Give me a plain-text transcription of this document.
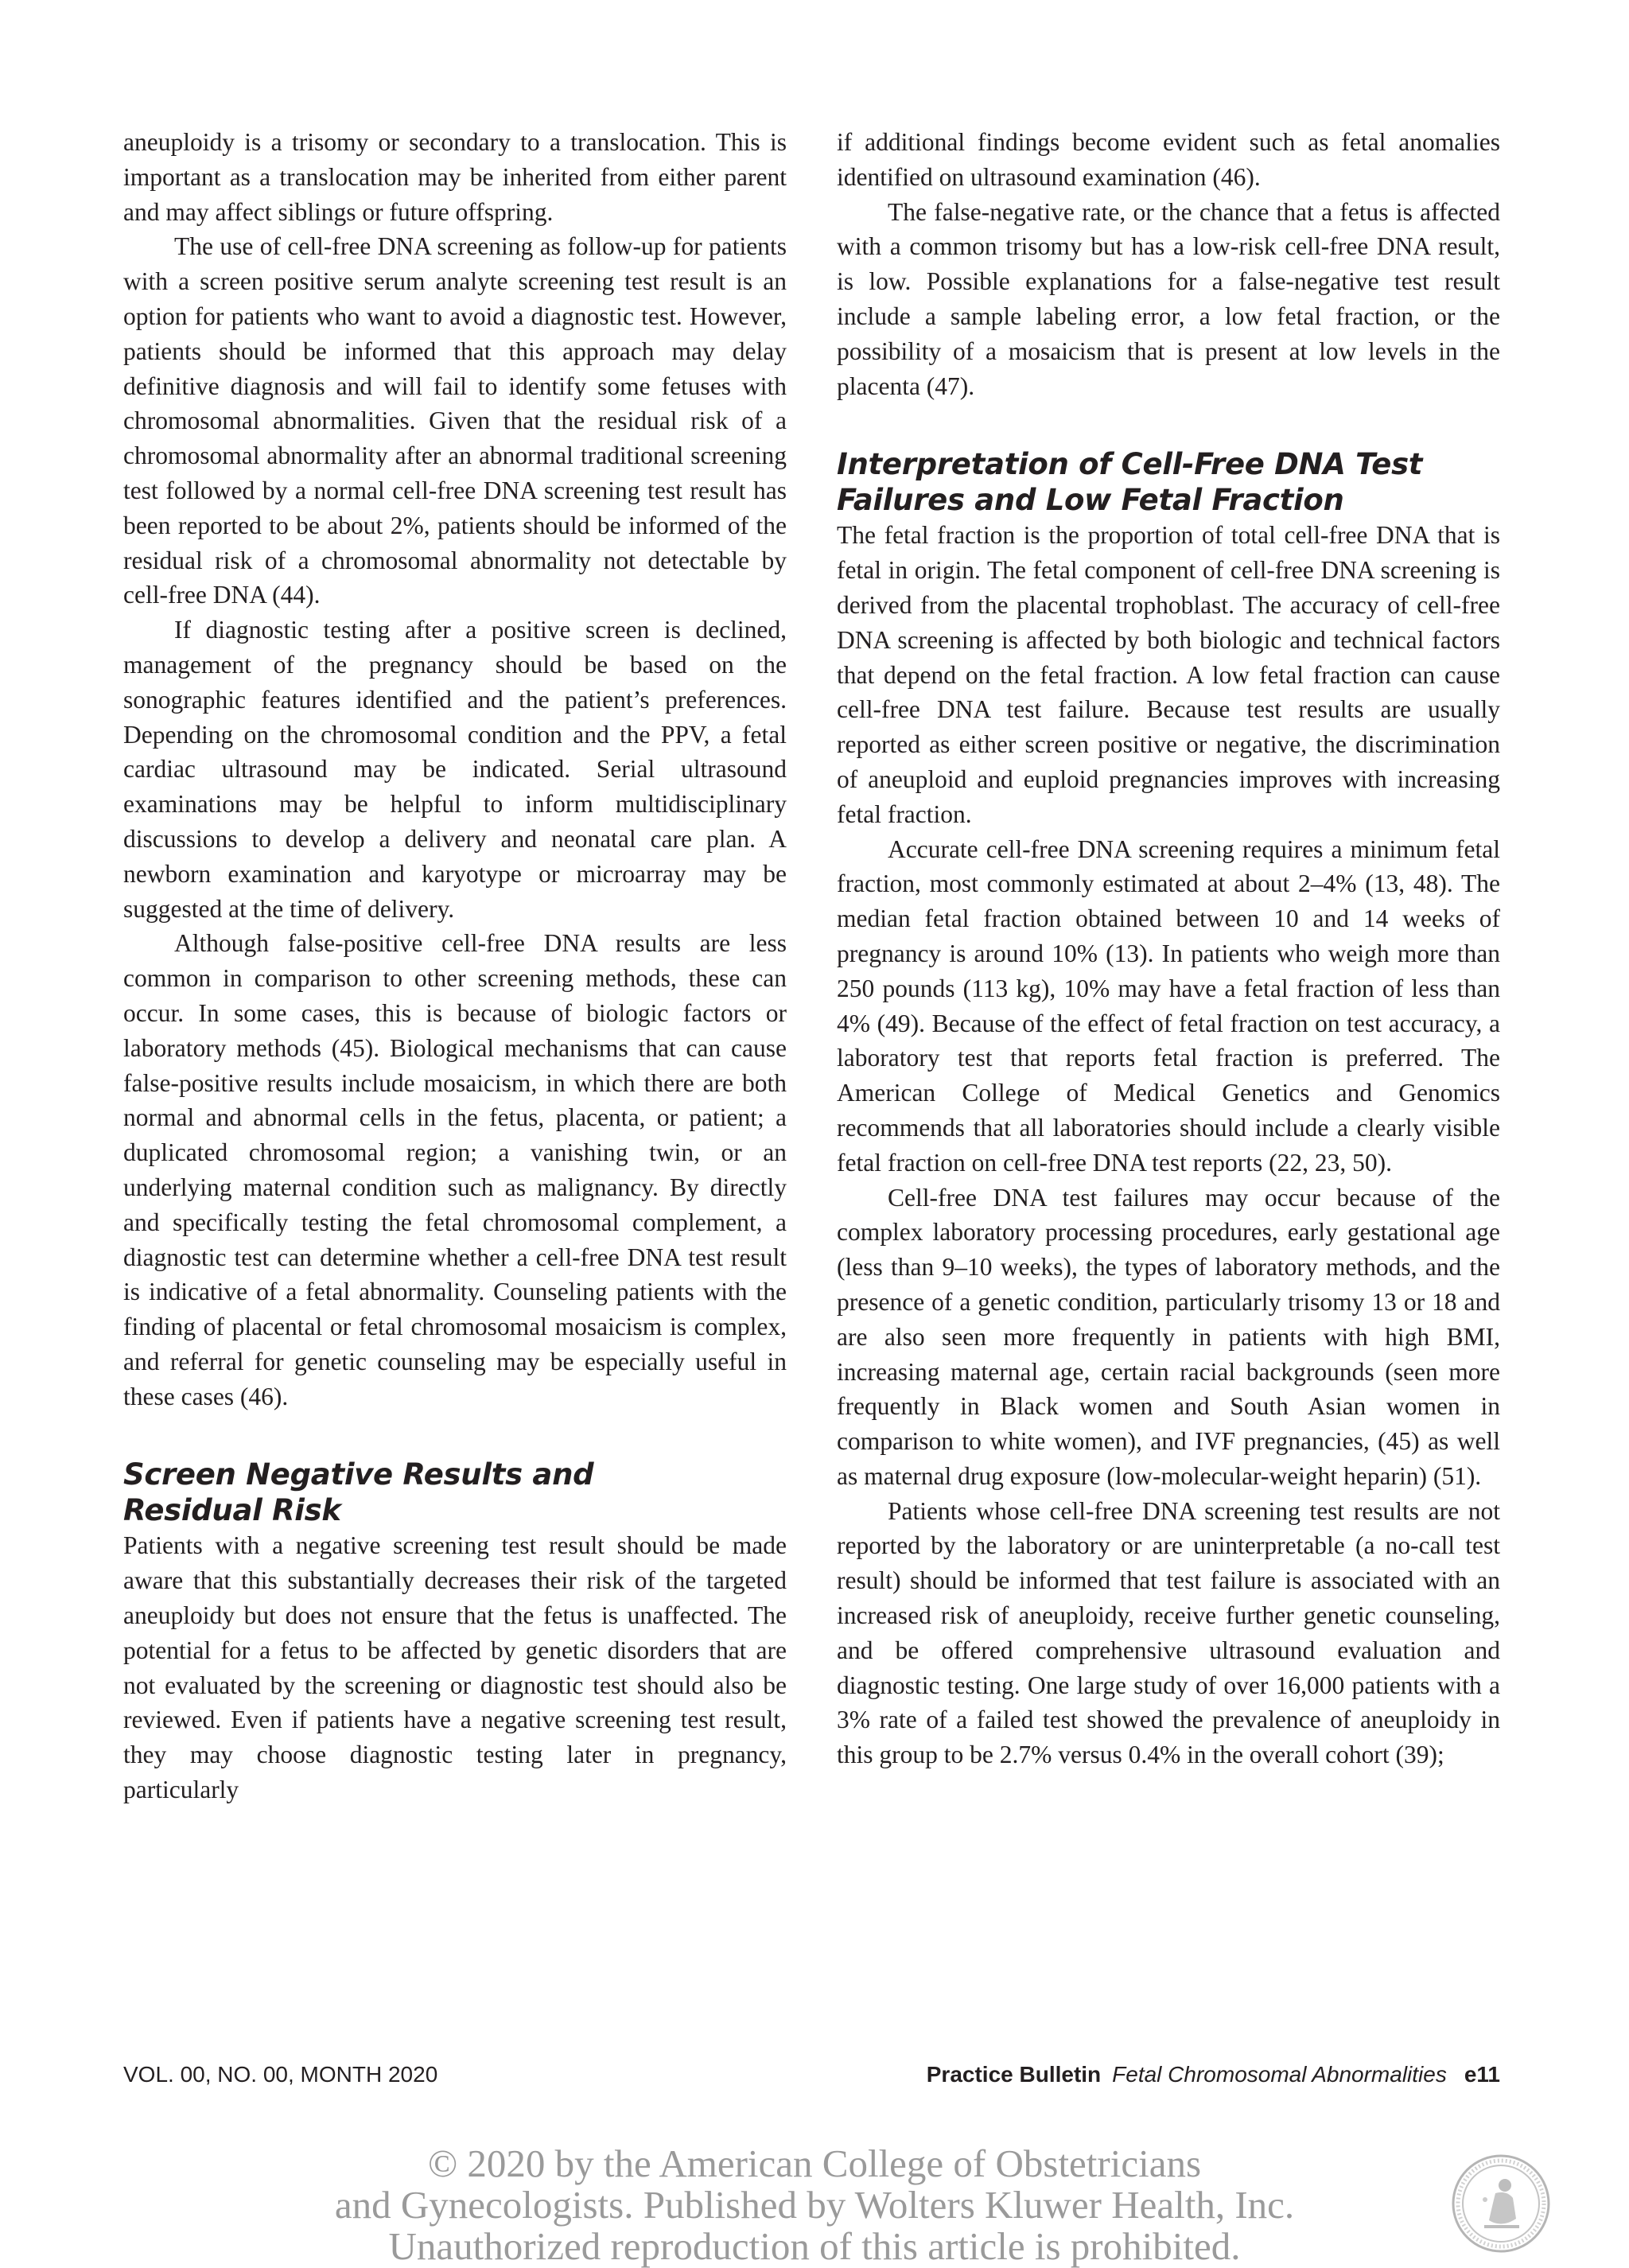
aneuploidy is a trisomy or secondary to a translocation. This is important as a translocation may be inherited from either parent and may affect siblings or future offspring.

The use of cell-free DNA screening as follow-up for patients with a screen positive serum analyte screening test result is an option for patients who want to avoid a diagnostic test. However, patients should be informed that this approach may delay definitive diagnosis and will fail to identify some fetuses with chromosomal abnormalities. Given that the residual risk of a chromosomal abnormality after an abnormal traditional screening test followed by a normal cell-free DNA screening test result has been reported to be about 2%, patients should be informed of the residual risk of a chromosomal abnormality not detectable by cell-free DNA (44).

If diagnostic testing after a positive screen is declined, management of the pregnancy should be based on the sonographic features identified and the patient’s preferences. Depending on the chromosomal condition and the PPV, a fetal cardiac ultrasound may be indicated. Serial ultrasound examinations may be helpful to inform multidisciplinary discussions to develop a delivery and neonatal care plan. A newborn examination and karyotype or microarray may be suggested at the time of delivery.

Although false-positive cell-free DNA results are less common in comparison to other screening methods, these can occur. In some cases, this is because of biologic factors or laboratory methods (45). Biological mechanisms that can cause false-positive results include mosaicism, in which there are both normal and abnormal cells in the fetus, placenta, or patient; a duplicated chromosomal region; a vanishing twin, or an underlying maternal condition such as malignancy. By directly and specifically testing the fetal chromosomal complement, a diagnostic test can determine whether a cell-free DNA test result is indicative of a fetal abnormality. Counseling patients with the finding of placental or fetal chromosomal mosaicism is complex, and referral for genetic counseling may be especially useful in these cases (46).

Screen Negative Results and
Residual Risk

Patients with a negative screening test result should be made aware that this substantially decreases their risk of the targeted aneuploidy but does not ensure that the fetus is unaffected. The potential for a fetus to be affected by genetic disorders that are not evaluated by the screening or diagnostic test should also be reviewed. Even if patients have a negative screening test result, they may choose diagnostic testing later in pregnancy, particularly

if additional findings become evident such as fetal anomalies identified on ultrasound examination (46).

The false-negative rate, or the chance that a fetus is affected with a common trisomy but has a low-risk cell-free DNA result, is low. Possible explanations for a false-negative test result include a sample labeling error, a low fetal fraction, or the possibility of a mosaicism that is present at low levels in the placenta (47).

Interpretation of Cell-Free DNA Test
Failures and Low Fetal Fraction

The fetal fraction is the proportion of total cell-free DNA that is fetal in origin. The fetal component of cell-free DNA screening is derived from the placental trophoblast. The accuracy of cell-free DNA screening is affected by both biologic and technical factors that depend on the fetal fraction. A low fetal fraction can cause cell-free DNA test failure. Because test results are usually reported as either screen positive or negative, the discrimination of aneuploid and euploid pregnancies improves with increasing fetal fraction.

Accurate cell-free DNA screening requires a minimum fetal fraction, most commonly estimated at about 2–4% (13, 48). The median fetal fraction obtained between 10 and 14 weeks of pregnancy is around 10% (13). In patients who weigh more than 250 pounds (113 kg), 10% may have a fetal fraction of less than 4% (49). Because of the effect of fetal fraction on test accuracy, a laboratory test that reports fetal fraction is preferred. The American College of Medical Genetics and Genomics recommends that all laboratories should include a clearly visible fetal fraction on cell-free DNA test reports (22, 23, 50).

Cell-free DNA test failures may occur because of the complex laboratory processing procedures, early gestational age (less than 9–10 weeks), the types of laboratory methods, and the presence of a genetic condition, particularly trisomy 13 or 18 and are also seen more frequently in patients with high BMI, increasing maternal age, certain racial backgrounds (seen more frequently in Black women and South Asian women in comparison to white women), and IVF pregnancies, (45) as well as maternal drug exposure (low-molecular-weight heparin) (51).

Patients whose cell-free DNA screening test results are not reported by the laboratory or are uninterpretable (a no-call test result) should be informed that test failure is associated with an increased risk of aneuploidy, receive further genetic counseling, and be offered comprehensive ultrasound evaluation and diagnostic testing. One large study of over 16,000 patients with a 3% rate of a failed test showed the prevalence of aneuploidy in this group to be 2.7% versus 0.4% in the overall cohort (39);

VOL. 00, NO. 00, MONTH 2020	Practice Bulletin Fetal Chromosomal Abnormalities e11
© 2020 by the American College of Obstetricians
and Gynecologists. Published by Wolters Kluwer Health, Inc.
Unauthorized reproduction of this article is prohibited.
